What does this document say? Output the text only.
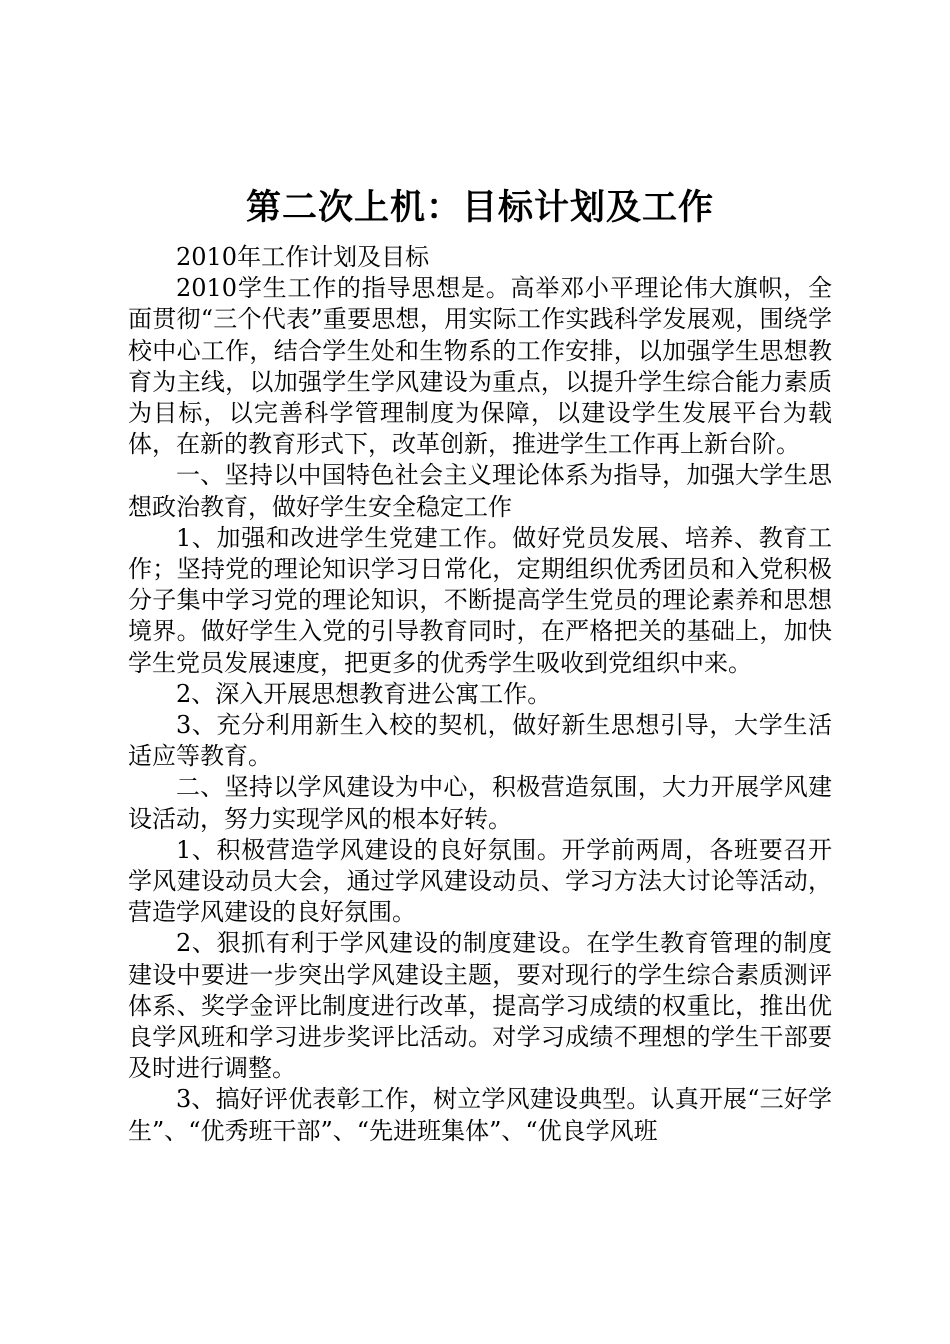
第二次上机：目标计划及工作

2010年工作计划及目标

2010学生工作的指导思想是。高举邓小平理论伟大旗帜，全面贯彻“三个代表”重要思想，用实际工作实践科学发展观，围绕学校中心工作，结合学生处和生物系的工作安排，以加强学生思想教育为主线，以加强学生学风建设为重点，以提升学生综合能力素质为目标，以完善科学管理制度为保障，以建设学生发展平台为载体，在新的教育形式下，改革创新，推进学生工作再上新台阶。

一、坚持以中国特色社会主义理论体系为指导，加强大学生思想政治教育，做好学生安全稳定工作

1、加强和改进学生党建工作。做好党员发展、培养、教育工作；坚持党的理论知识学习日常化，定期组织优秀团员和入党积极分子集中学习党的理论知识，不断提高学生党员的理论素养和思想境界。做好学生入党的引导教育同时，在严格把关的基础上，加快学生党员发展速度，把更多的优秀学生吸收到党组织中来。

2、深入开展思想教育进公寓工作。

3、充分利用新生入校的契机，做好新生思想引导，大学生活适应等教育。

二、坚持以学风建设为中心，积极营造氛围，大力开展学风建设活动，努力实现学风的根本好转。

1、积极营造学风建设的良好氛围。开学前两周，各班要召开学风建设动员大会，通过学风建设动员、学习方法大讨论等活动，营造学风建设的良好氛围。

2、狠抓有利于学风建设的制度建设。在学生教育管理的制度建设中要进一步突出学风建设主题，要对现行的学生综合素质测评体系、奖学金评比制度进行改革，提高学习成绩的权重比，推出优良学风班和学习进步奖评比活动。对学习成绩不理想的学生干部要及时进行调整。

3、搞好评优表彰工作，树立学风建设典型。认真开展“三好学生”、“优秀班干部”、“先进班集体”、“优良学风班
